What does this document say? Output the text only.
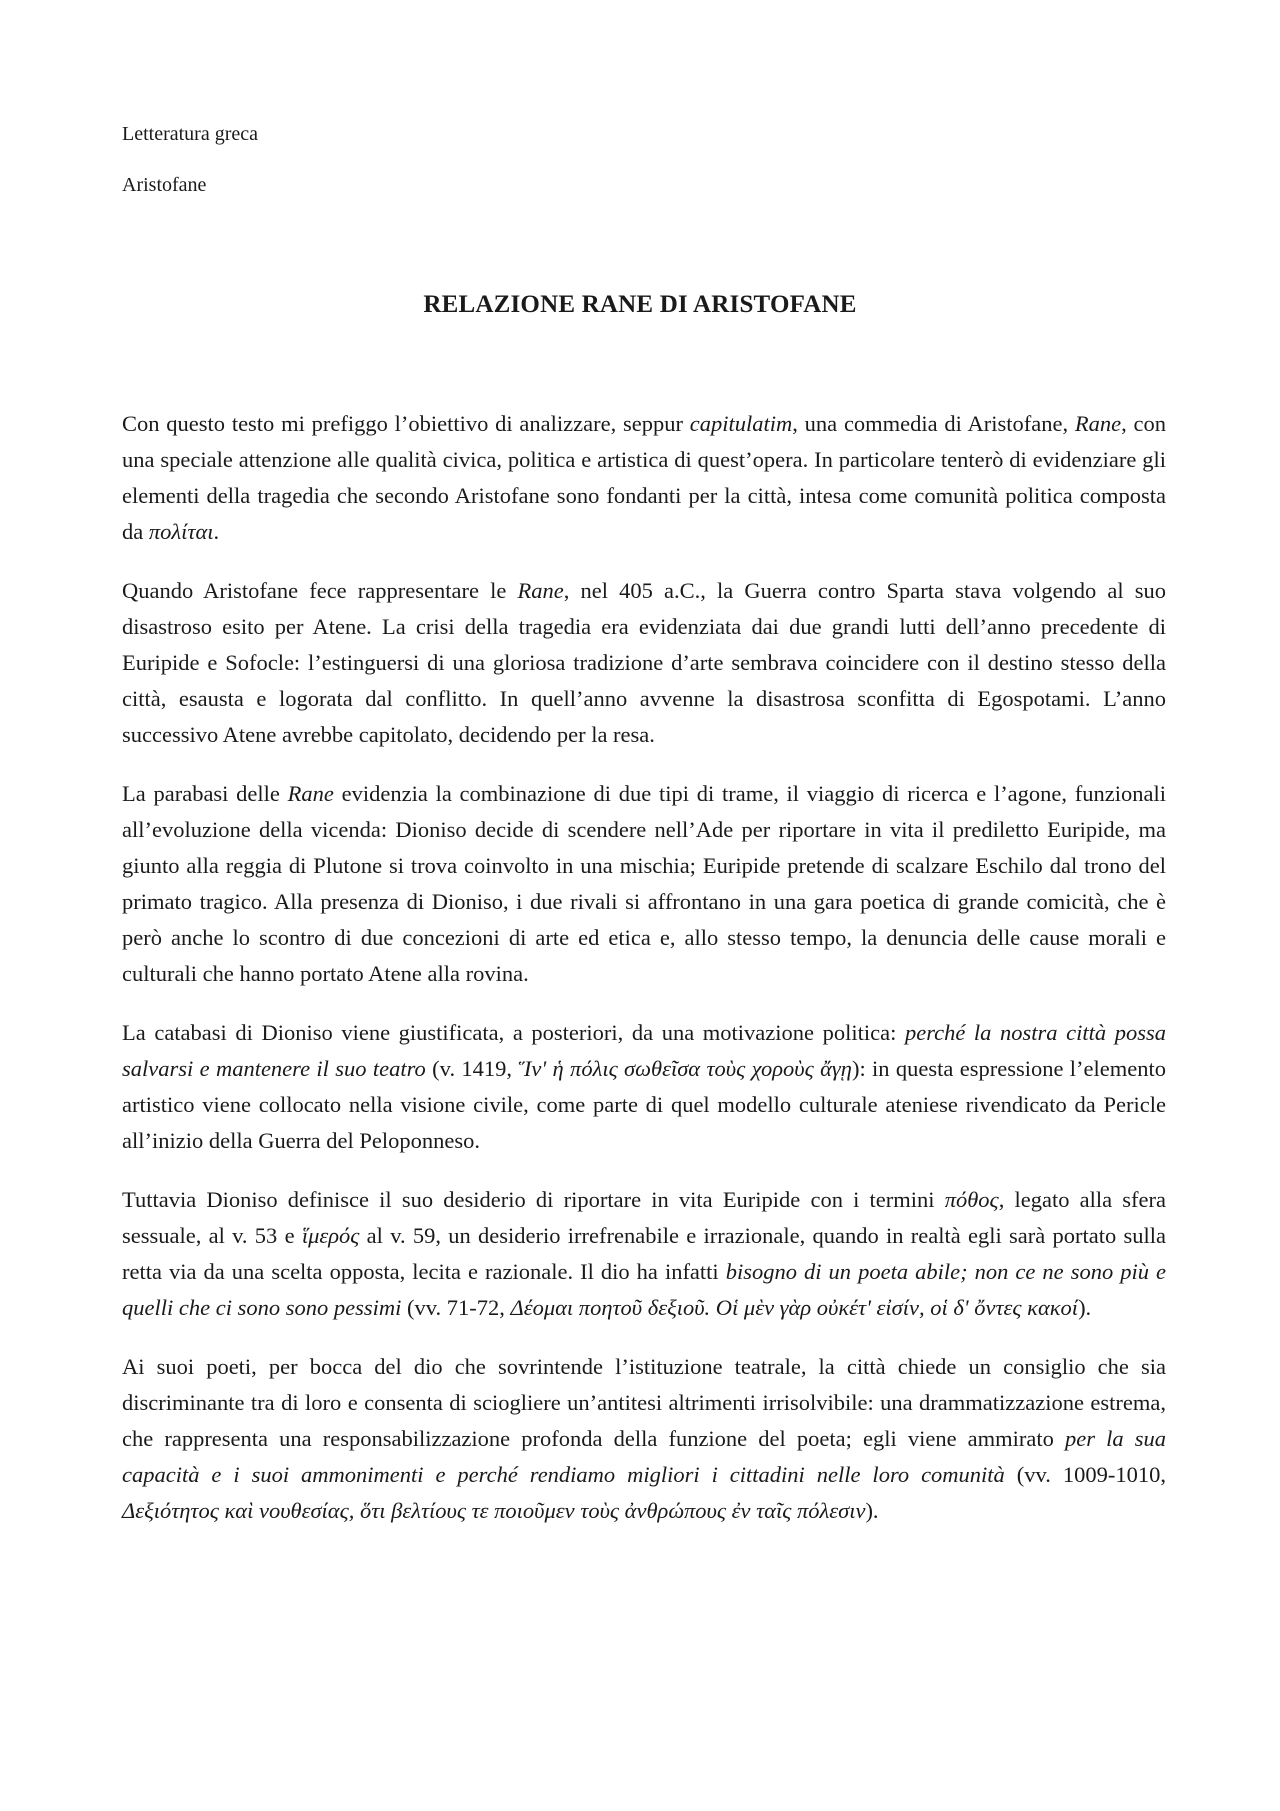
Letteratura greca
Aristofane
RELAZIONE RANE DI ARISTOFANE

Con questo testo mi prefiggo l’obiettivo di analizzare, seppur capitulatim, una commedia di Aristofane, Rane, con una speciale attenzione alle qualità civica, politica e artistica di quest’opera. In particolare tenterò di evidenziare gli elementi della tragedia che secondo Aristofane sono fondanti per la città, intesa come comunità politica composta da πολίται.

Quando Aristofane fece rappresentare le Rane, nel 405 a.C., la Guerra contro Sparta stava volgendo al suo disastroso esito per Atene. La crisi della tragedia era evidenziata dai due grandi lutti dell’anno precedente di Euripide e Sofocle: l’estinguersi di una gloriosa tradizione d’arte sembrava coincidere con il destino stesso della città, esausta e logorata dal conflitto. In quell’anno avvenne la disastrosa sconfitta di Egospotami. L’anno successivo Atene avrebbe capitolato, decidendo per la resa.

La parabasi delle Rane evidenzia la combinazione di due tipi di trame, il viaggio di ricerca e l’agone, funzionali all’evoluzione della vicenda: Dioniso decide di scendere nell’Ade per riportare in vita il prediletto Euripide, ma giunto alla reggia di Plutone si trova coinvolto in una mischia; Euripide pretende di scalzare Eschilo dal trono del primato tragico. Alla presenza di Dioniso, i due rivali si affrontano in una gara poetica di grande comicità, che è però anche lo scontro di due concezioni di arte ed etica e, allo stesso tempo, la denuncia delle cause morali e culturali che hanno portato Atene alla rovina.

La catabasi di Dioniso viene giustificata, a posteriori, da una motivazione politica: perché la nostra città possa salvarsi e mantenere il suo teatro (v. 1419, Ἵν' ἡ πόλις σωθεῖσα τοὺς χοροὺς ἄγῃ): in questa espressione l’elemento artistico viene collocato nella visione civile, come parte di quel modello culturale ateniese rivendicato da Pericle all’inizio della Guerra del Peloponneso.

Tuttavia Dioniso definisce il suo desiderio di riportare in vita Euripide con i termini πόθος, legato alla sfera sessuale, al v. 53 e ἵμερός al v. 59, un desiderio irrefrenabile e irrazionale, quando in realtà egli sarà portato sulla retta via da una scelta opposta, lecita e razionale. Il dio ha infatti bisogno di un poeta abile; non ce ne sono più e quelli che ci sono sono pessimi (vv. 71-72, Δέομαι ποητοῦ δεξιοῦ. Οἱ μὲν γὰρ οὐκέτ' εἰσίν, οἱ δ' ὄντες κακοί).

Ai suoi poeti, per bocca del dio che sovrintende l’istituzione teatrale, la città chiede un consiglio che sia discriminante tra di loro e consenta di sciogliere un’antitesi altrimenti irrisolvibile: una drammatizzazione estrema, che rappresenta una responsabilizzazione profonda della funzione del poeta; egli viene ammirato per la sua capacità e i suoi ammonimenti e perché rendiamo migliori i cittadini nelle loro comunità (vv. 1009-1010, Δεξιότητος καὶ νουθεσίας, ὅτι βελτίους τε ποιοῦμεν τοὺς ἀνθρώπους ἐν ταῖς πόλεσιν).
